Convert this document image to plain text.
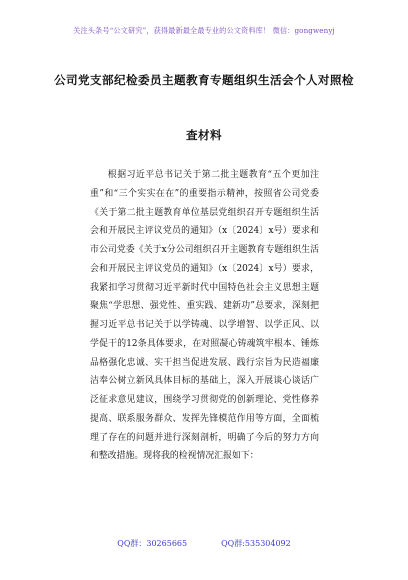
关注头条号“公文研究”，获得最新最全最专业的公文资料库！ 微信：gongwenyj
公司党支部纪检委员主题教育专题组织生活会个人对照检
查材料

根据习近平总书记关于第二批主题教育“五个更加注重”和“三个实实在在”的重要指示精神，按照省公司党委《关于第二批主题教育单位基层党组织召开专题组织生活会和开展民主评议党员的通知》（x〔2024〕x号）要求和市公司党委《关于x分公司组织召开主题教育专题组织生活会和开展民主评议党员的通知》（x〔2024〕x号）要求，我紧扣学习贯彻习近平新时代中国特色社会主义思想主题聚焦“学思想、强党性、重实践、建新功”总要求，深刻把握习近平总书记关于以学铸魂、以学增智、以学正风、以学促干的12条具体要求，在对照凝心铸魂筑牢根本、锤炼品格强化忠诚、实干担当促进发展、践行宗旨为民造福廉洁奉公树立新风具体目标的基础上，深入开展谈心谈话广泛征求意见建议，围绕学习贯彻党的创新理论、党性修养提高、联系服务群众、发挥先锋模范作用等方面，全面梳理了存在的问题并进行深刻剖析，明确了今后的努力方向和整改措施。现将我的检视情况汇报如下：

QQ群：30265665	QQ群:535304092
